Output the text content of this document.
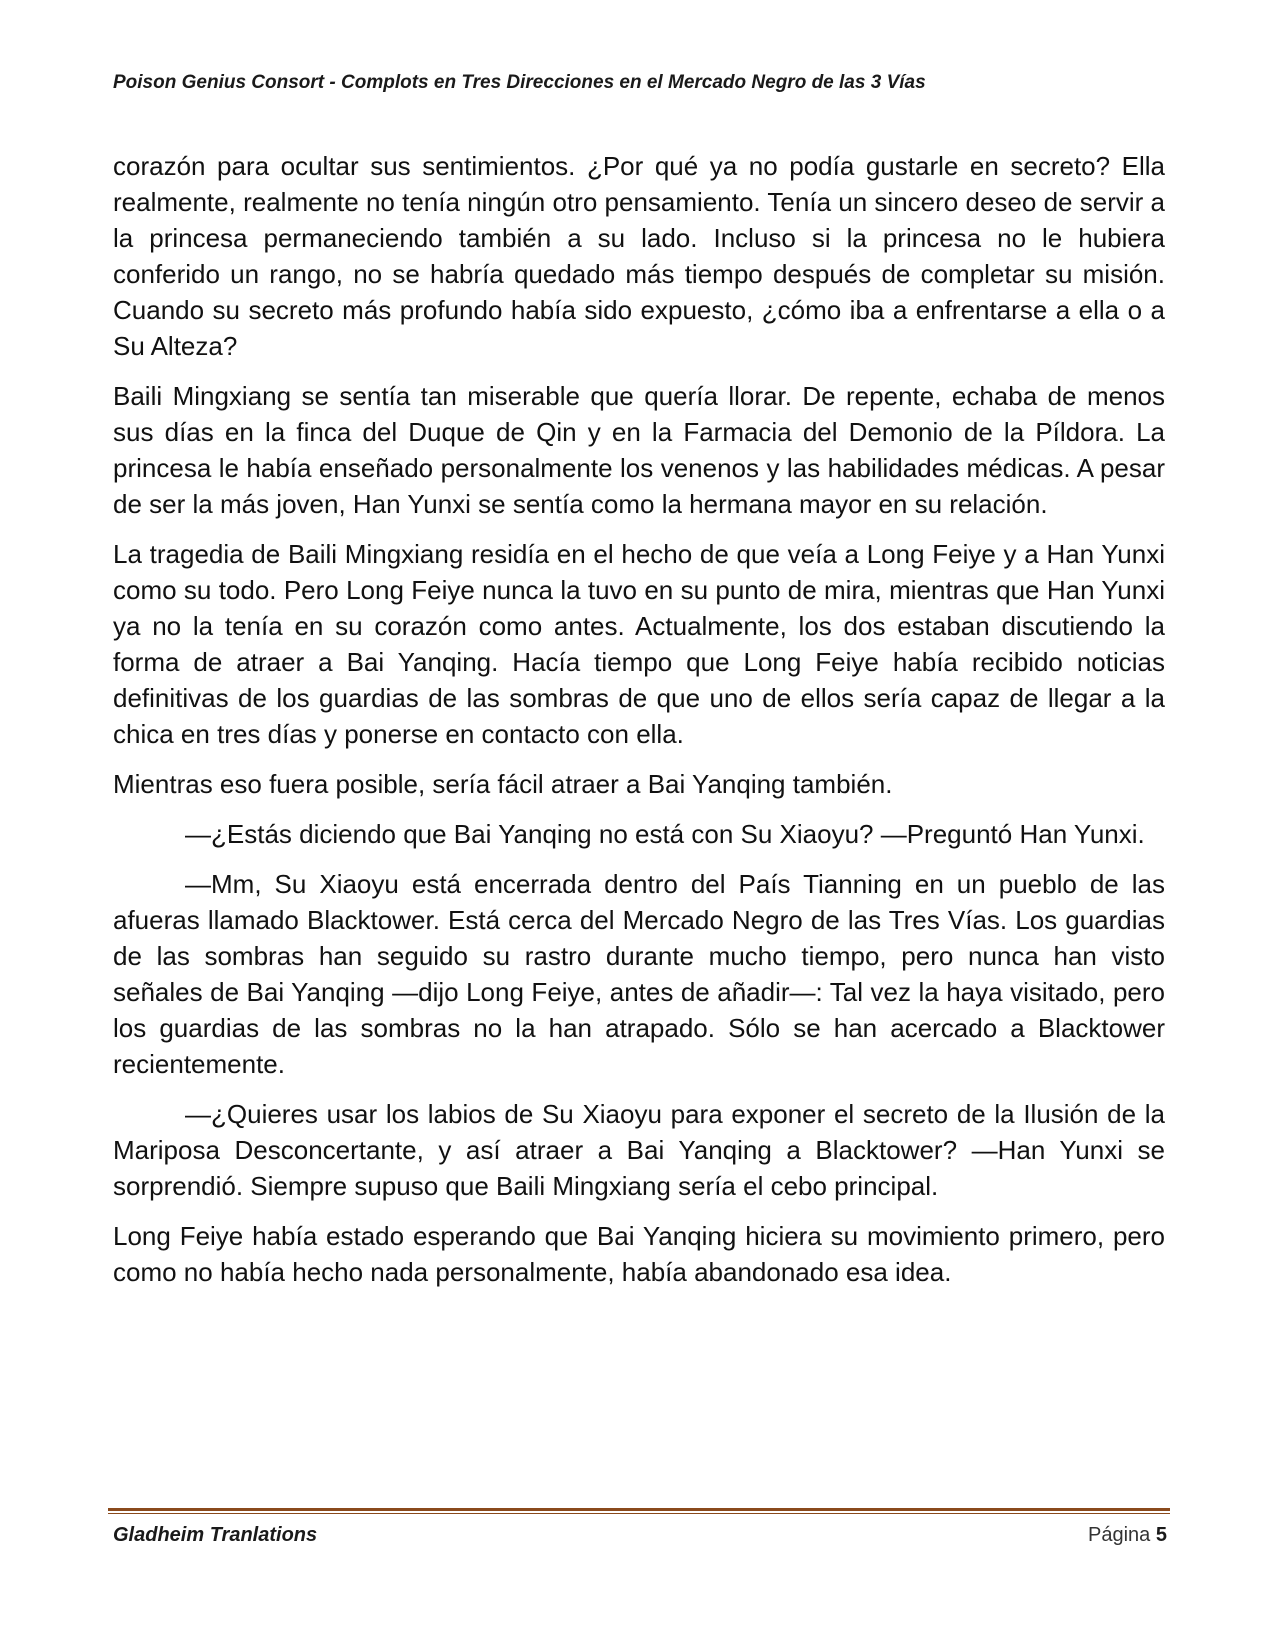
Poison Genius Consort - Complots en Tres Direcciones en el Mercado Negro de las 3 Vías

corazón para ocultar sus sentimientos. ¿Por qué ya no podía gustarle en secreto? Ella realmente, realmente no tenía ningún otro pensamiento. Tenía un sincero deseo de servir a la princesa permaneciendo también a su lado. Incluso si la princesa no le hubiera conferido un rango, no se habría quedado más tiempo después de completar su misión. Cuando su secreto más profundo había sido expuesto, ¿cómo iba a enfrentarse a ella o a Su Alteza?

Baili Mingxiang se sentía tan miserable que quería llorar. De repente, echaba de menos sus días en la finca del Duque de Qin y en la Farmacia del Demonio de la Píldora. La princesa le había enseñado personalmente los venenos y las habilidades médicas. A pesar de ser la más joven, Han Yunxi se sentía como la hermana mayor en su relación.

La tragedia de Baili Mingxiang residía en el hecho de que veía a Long Feiye y a Han Yunxi como su todo. Pero Long Feiye nunca la tuvo en su punto de mira, mientras que Han Yunxi ya no la tenía en su corazón como antes. Actualmente, los dos estaban discutiendo la forma de atraer a Bai Yanqing. Hacía tiempo que Long Feiye había recibido noticias definitivas de los guardias de las sombras de que uno de ellos sería capaz de llegar a la chica en tres días y ponerse en contacto con ella.

Mientras eso fuera posible, sería fácil atraer a Bai Yanqing también.

—¿Estás diciendo que Bai Yanqing no está con Su Xiaoyu? —Preguntó Han Yunxi.

—Mm, Su Xiaoyu está encerrada dentro del País Tianning en un pueblo de las afueras llamado Blacktower. Está cerca del Mercado Negro de las Tres Vías. Los guardias de las sombras han seguido su rastro durante mucho tiempo, pero nunca han visto señales de Bai Yanqing —dijo Long Feiye, antes de añadir—: Tal vez la haya visitado, pero los guardias de las sombras no la han atrapado. Sólo se han acercado a Blacktower recientemente.

—¿Quieres usar los labios de Su Xiaoyu para exponer el secreto de la Ilusión de la Mariposa Desconcertante, y así atraer a Bai Yanqing a Blacktower? —Han Yunxi se sorprendió. Siempre supuso que Baili Mingxiang sería el cebo principal.

Long Feiye había estado esperando que Bai Yanqing hiciera su movimiento primero, pero como no había hecho nada personalmente, había abandonado esa idea.

Gladheim Tranlations	Página 5
